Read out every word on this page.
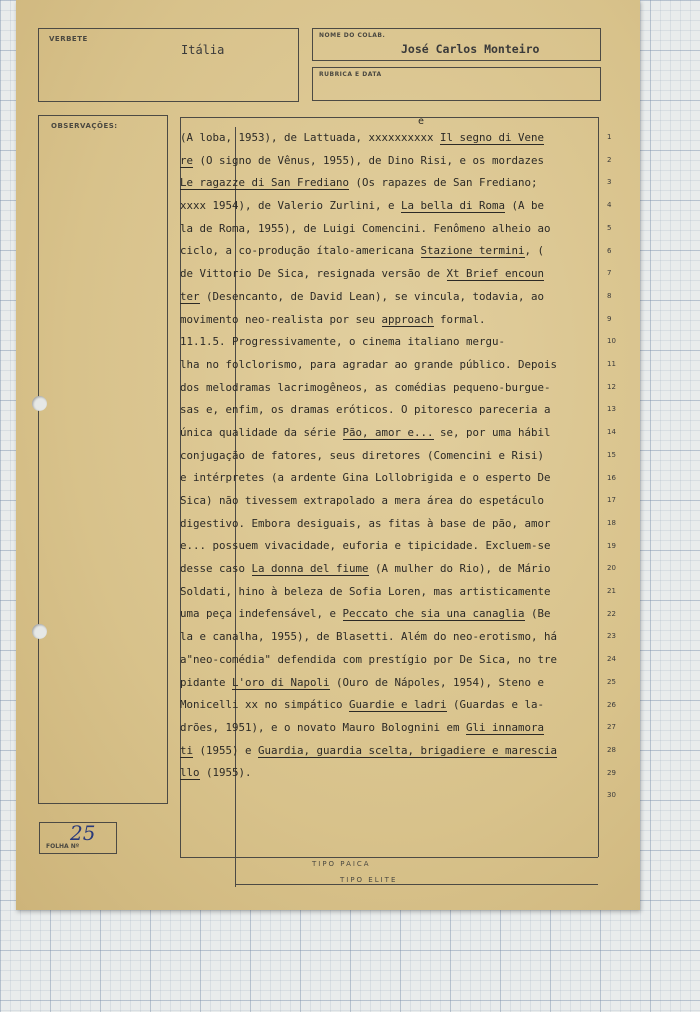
VERBETE
Itália
NOME DO COLAB.
José Carlos Monteiro
RUBRICA E DATA
OBSERVAÇÕES:
FOLHA Nº
25
TIPO PAICA
TIPO ELITE
e
(A loba, 1953), de Lattuada, xxxxxxxxxx Il segno di Vene
re (O signo de Vênus, 1955), de Dino Risi, e os mordazes
Le ragazze di San Frediano (Os rapazes de San Frediano;
xxxx 1954), de Valerio Zurlini, e La bella di Roma (A be
la de Roma, 1955), de Luigi Comencini. Fenômeno alheio ao
ciclo, a co-produção ítalo-americana Stazione termini, (
de Vittorio De Sica, resignada versão de Xt Brief encoun
ter (Desencanto, de David Lean), se vincula, todavia, ao
movimento neo-realista por seu approach formal.
11.1.5. Progressivamente, o cinema italiano mergu-
lha no folclorismo, para agradar ao grande público. Depois
dos melodramas lacrimogêneos, as comédias pequeno-burgue-
sas e, enfim, os dramas eróticos. O pitoresco pareceria a
única qualidade da série Pão, amor e... se, por uma hábil
conjugação de fatores, seus diretores (Comencini e Risi)
e intérpretes (a ardente Gina Lollobrigida e o esperto De
Sica) não tivessem extrapolado a mera área do espetáculo
digestivo. Embora desiguais, as fitas à base de pão, amor
e... possuem vivacidade, euforia e tipicidade. Excluem-se
desse caso La donna del fiume (A mulher do Rio), de Mário
Soldati, hino à beleza de Sofia Loren, mas artisticamente
uma peça indefensável, e Peccato che sia una canaglia (Be
la e canalha, 1955), de Blasetti. Além do neo-erotismo, há
a"neo-comédia" defendida com prestígio por De Sica, no tre
pidante L'oro di Napoli (Ouro de Nápoles, 1954), Steno e
Monicelli xx no simpático Guardie e ladri (Guardas e la-
drões, 1951), e o novato Mauro Bolognini em Gli innamora
ti (1955) e Guardia, guardia scelta, brigadiere e marescia
llo (1955).
1
2
3
4
5
6
7
8
9
10
11
12
13
14
15
16
17
18
19
20
21
22
23
24
25
26
27
28
29
30
